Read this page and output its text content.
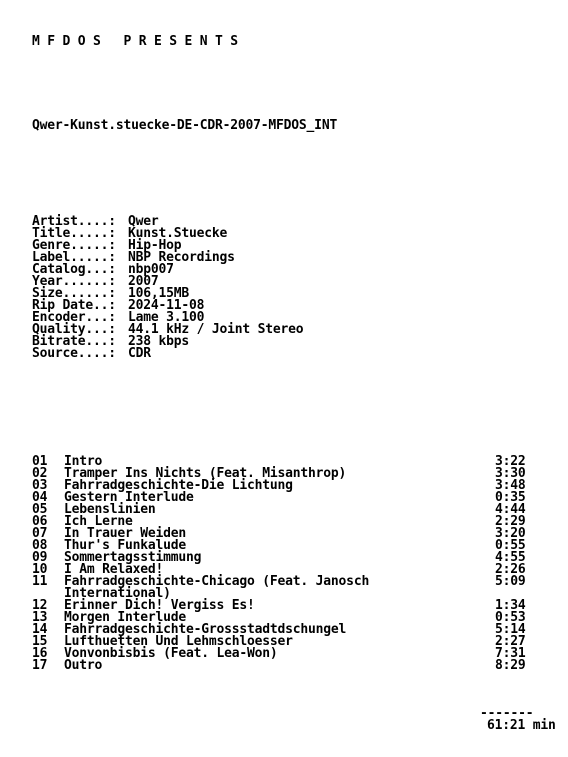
M F D O S   P R E S E N T S

Qwer-Kunst.stuecke-DE-CDR-2007-MFDOS_INT

Artist....: Qwer
Title.....: Kunst.Stuecke
Genre.....: Hip-Hop
Label.....: NBP Recordings
Catalog...: nbp007
Year......: 2007
Size......: 106,15MB
Rip Date..: 2024-11-08
Encoder...: Lame 3.100
Quality...: 44.1 kHz / Joint Stereo
Bitrate...: 238 kbps
Source....: CDR

01 Intro	3:22
02 Tramper Ins Nichts (Feat. Misanthrop)	3:30
03 Fahrradgeschichte-Die Lichtung	3:48
04 Gestern Interlude	0:35
05 Lebenslinien	4:44
06 Ich Lerne	2:29
07 In Trauer Weiden	3:20
08 Thur's Funkalude	0:55
09 Sommertagsstimmung	4:55
10 I Am Relaxed!	2:26
11 Fahrradgeschichte-Chicago (Feat. Janosch	5:09
International)
12 Erinner Dich! Vergiss Es!	1:34
13 Morgen Interlude	0:53
14 Fahrradgeschichte-Grossstadtdschungel	5:14
15 Lufthuetten Und Lehmschloesser	2:27
16 Vonvonbisbis (Feat. Lea-Won)	7:31
17 Outro	8:29

-------

61:21 min
